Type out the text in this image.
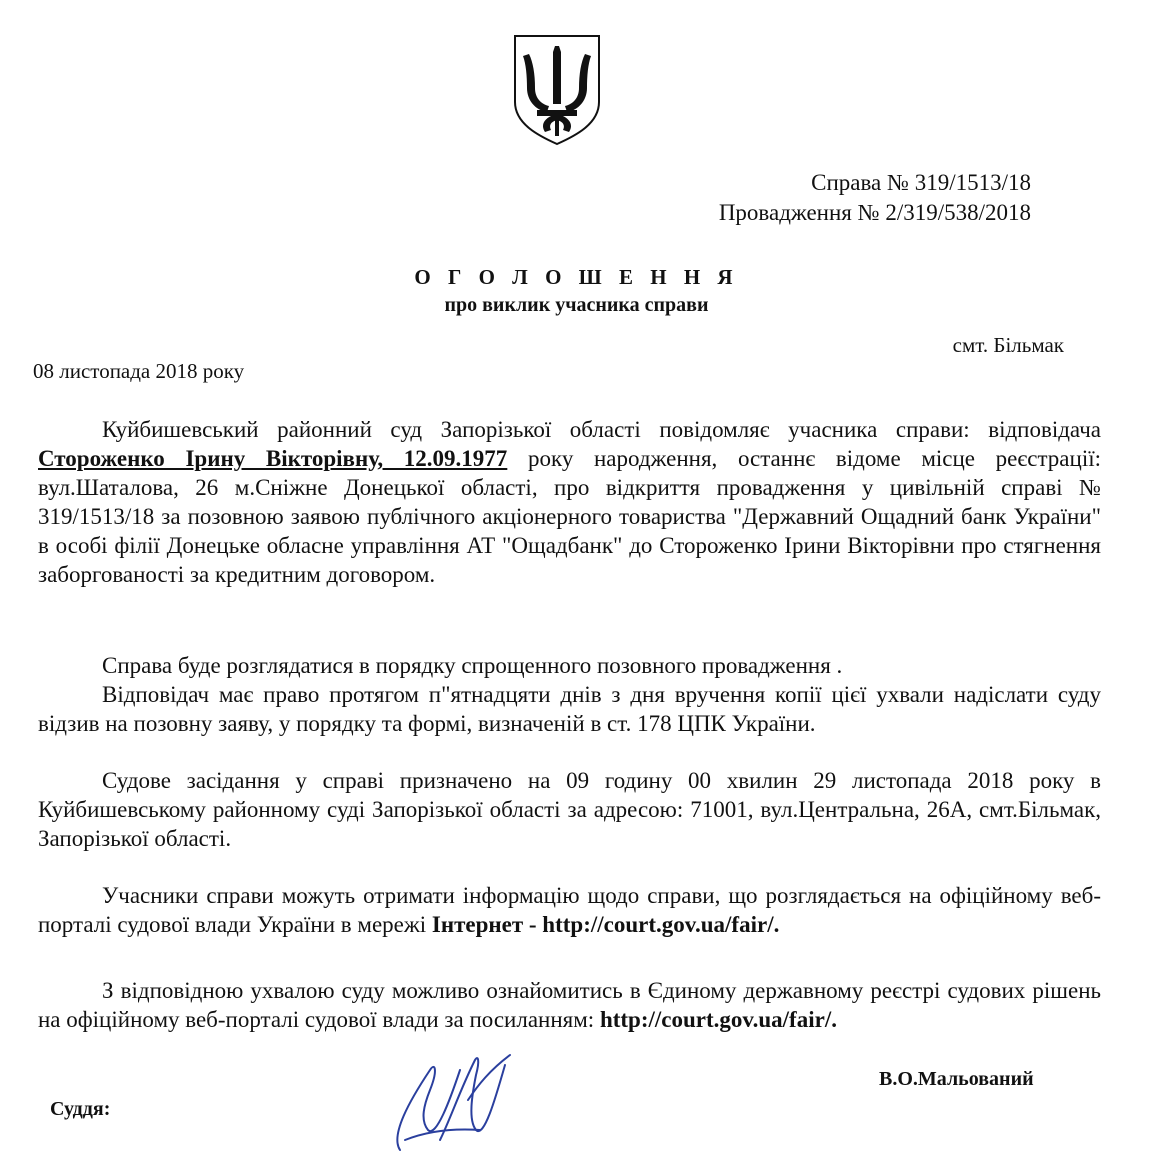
Справа № 319/1513/18
Провадження № 2/319/538/2018
О Г О Л О Ш Е Н Н Я
про виклик учасника справи
смт. Більмак
08 листопада 2018 року

Куйбишевський районний суд Запорізької області повідомляє учасника справи: відповідача Стороженко Ірину Вікторівну, 12.09.1977 року народження, останнє відоме місце реєстрації: вул.Шаталова, 26 м.Сніжне Донецької області, про відкриття провадження у цивільній справі № 319/1513/18 за позовною заявою публічного акціонерного товариства "Державний Ощадний банк України" в особі філії Донецьке обласне управління АТ "Ощадбанк" до Стороженко Ірини Вікторівни про стягнення заборгованості за кредитним договором.

Справа буде розглядатися в порядку спрощенного позовного провадження .
Відповідач має право протягом п"ятнадцяти днів з дня вручення копії цієї ухвали надіслати суду відзив на позовну заяву, у порядку та формі, визначеній в ст. 178 ЦПК України.

Судове засідання у справі призначено на 09 годину 00 хвилин 29 листопада 2018 року в Куйбишевському районному суді Запорізької області за адресою: 71001, вул.Центральна, 26А, смт.Більмак, Запорізької області.

Учасники справи можуть отримати інформацію щодо справи, що розглядається на офіційному веб-порталі судової влади України в мережі Інтернет - http://court.gov.ua/fair/.

З відповідною ухвалою суду можливо ознайомитись в Єдиному державному реєстрі судових рішень на офіційному веб-порталі судової влади за посиланням: http://court.gov.ua/fair/.

В.О.Мальований
Суддя:
